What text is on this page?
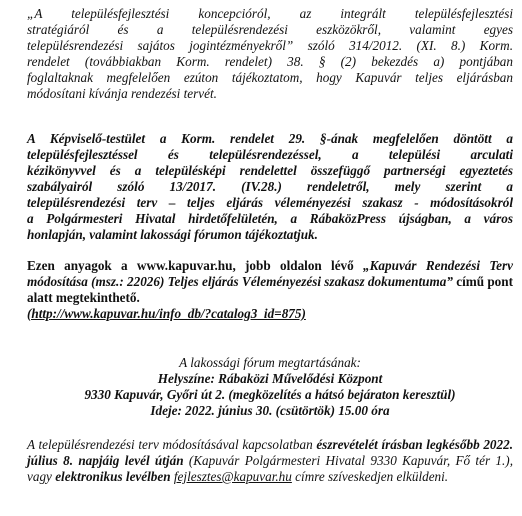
„A településfejlesztési koncepcióról, az integrált településfejlesztési

stratégiáról és a településrendezési eszközökről, valamint egyes

településrendezési sajátos jogintézményekről” szóló 314/2012. (XI. 8.) Korm.

rendelet (továbbiakban Korm. rendelet) 38. § (2) bekezdés a) pontjában

foglaltaknak megfelelően ezúton tájékoztatom, hogy Kapuvár teljes eljárásban

módosítani kívánja rendezési tervét.

A Képviselő-testület a Korm. rendelet 29. §-ának megfelelően döntött a

településfejlesztéssel és településrendezéssel, a települési arculati

kézikönyvvel és a településképi rendelettel összefüggő partnerségi egyeztetés

szabályairól szóló 13/2017. (IV.28.) rendeletről, mely szerint a

településrendezési terv – teljes eljárás véleményezési szakasz - módosításokról

a Polgármesteri Hivatal hirdetőfelületén, a RábaközPress újságban, a város

honlapján, valamint lakossági fórumon tájékoztatjuk.

Ezen anyagok a www.kapuvar.hu, jobb oldalon lévő „Kapuvár Rendezési Terv módosítása (msz.: 22026) Teljes eljárás Véleményezési szakasz dokumentuma” című pont alatt megtekinthető.

(http://www.kapuvar.hu/info_db/?catalog3_id=875)

A lakossági fórum megtartásának:

Helyszíne: Rábaközi Művelődési Központ

9330 Kapuvár, Győri út 2. (megközelítés a hátsó bejáraton keresztül)

Ideje: 2022. június 30. (csütörtök) 15.00 óra

A településrendezési terv módosításával kapcsolatban észrevételét írásban legkésőbb 2022. július 8. napjáig levél útján (Kapuvár Polgármesteri Hivatal 9330 Kapuvár, Fő tér 1.), vagy elektronikus levélben fejlesztes@kapuvar.hu címre szíveskedjen elküldeni.
